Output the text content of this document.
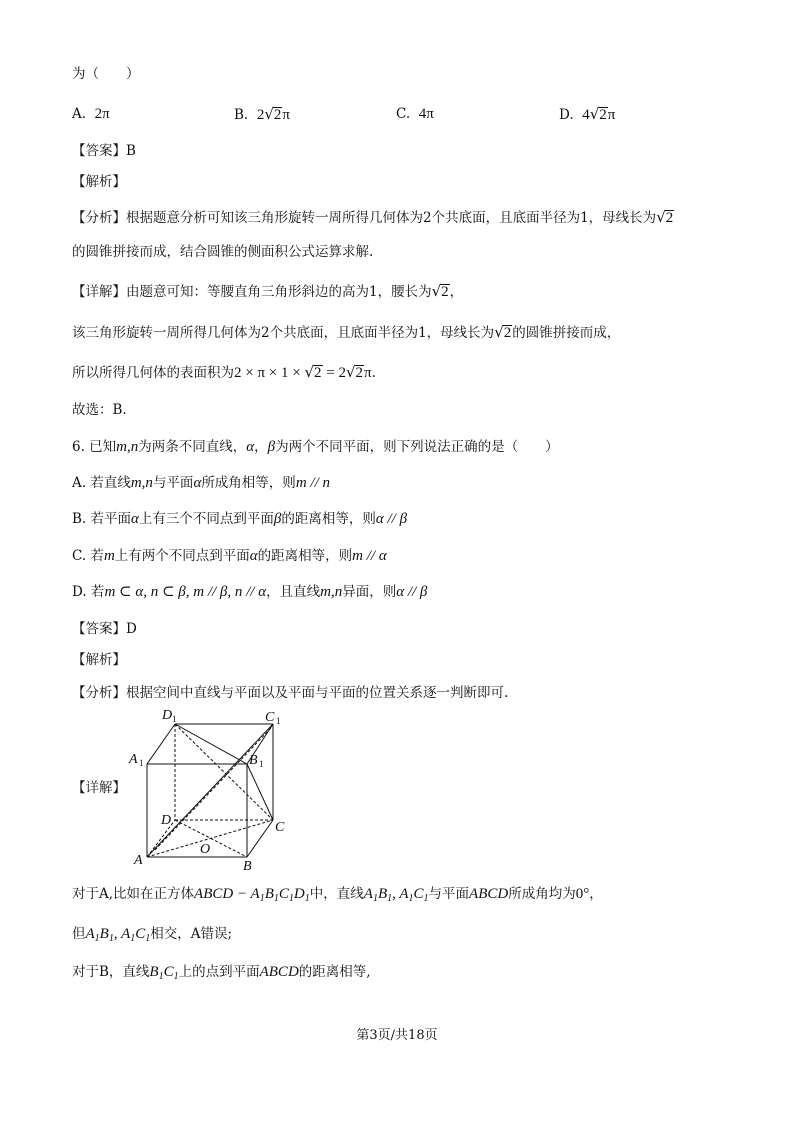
为（　　）
A. 2π	B. 2√2π	C. 4π	D. 4√2π
【答案】B
【解析】
【分析】根据题意分析可知该三角形旋转一周所得几何体为2个共底面，且底面半径为1，母线长为√2
的圆锥拼接而成，结合圆锥的侧面积公式运算求解.
【详解】由题意可知：等腰直角三角形斜边的高为1，腰长为√2，
该三角形旋转一周所得几何体为2个共底面，且底面半径为1，母线长为√2的圆锥拼接而成，
所以所得几何体的表面积为2 × π × 1 × √2 = 2√2π.
故选：B.
6. 已知m,n为两条不同直线，α，β为两个不同平面，则下列说法正确的是（　　）
A. 若直线m,n与平面α所成角相等，则m // n
B. 若平面α上有三个不同点到平面β的距离相等，则α // β
C. 若m上有两个不同点到平面α的距离相等，则m // α
D. 若m ⊂ α, n ⊂ β, m // β, n // α，且直线m,n异面，则α // β
【答案】D
【解析】
【分析】根据空间中直线与平面以及平面与平面的位置关系逐一判断即可.
【详解】
D 1	C 1
A 1	B 1
D	C
A
O
B
对于A,比如在正方体ABCD − $A_1B_1C_1D_1$中，直线$A_1B_1$, $A_1C_1$与平面ABCD所成角均为0°，
但$A_1B_1$, $A_1C_1$相交，A错误;
对于B，直线$B_1C_1$上的点到平面ABCD的距离相等,
第3页/共18页
